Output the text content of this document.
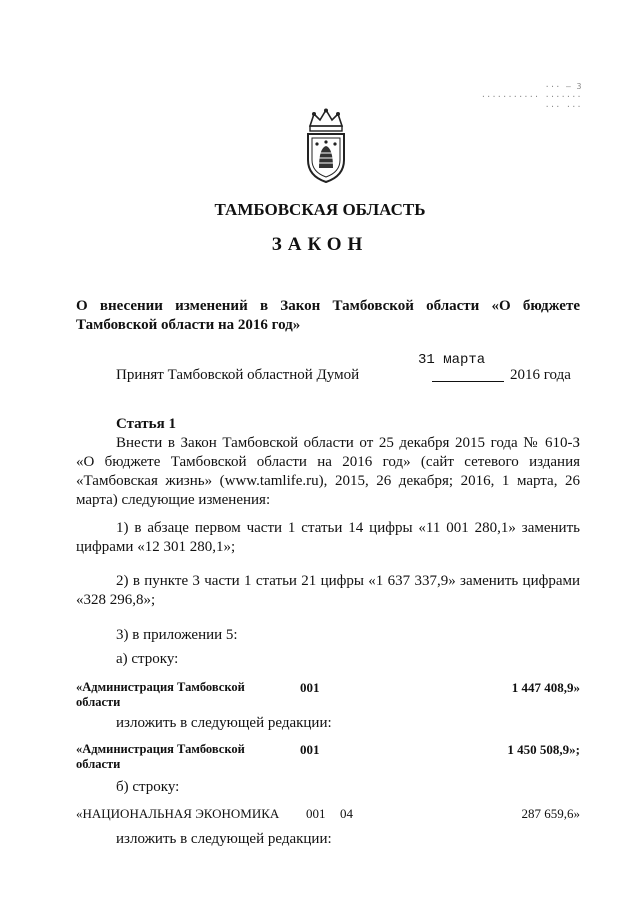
··· — 3
··········· ·······
··· ···
ТАМБОВСКАЯ ОБЛАСТЬ
ЗАКОН
О внесении изменений в Закон Тамбовской области «О бюджете Тамбовской области на 2016 год»
Принят Тамбовской областной Думой
31 марта
2016 года
Статья 1
Внести в Закон Тамбовской области от 25 декабря 2015 года № 610-З «О бюджете Тамбовской области на 2016 год» (сайт сетевого издания «Тамбовская жизнь» (www.tamlife.ru), 2015, 26 декабря; 2016, 1 марта, 26 марта) следующие изменения:
1) в абзаце первом части 1 статьи 14 цифры «11 001 280,1» заменить цифрами «12 301 280,1»;
2) в пункте 3 части 1 статьи 21 цифры «1 637 337,9» заменить цифрами «328 296,8»;
3) в приложении 5:
а) строку:
«Администрация Тамбовской области
001	1 447 408,9»
изложить в следующей редакции:
«Администрация Тамбовской области
001	1 450 508,9»;
б) строку:
«НАЦИОНАЛЬНАЯ ЭКОНОМИКА 001 04	287 659,6»
изложить в следующей редакции:
